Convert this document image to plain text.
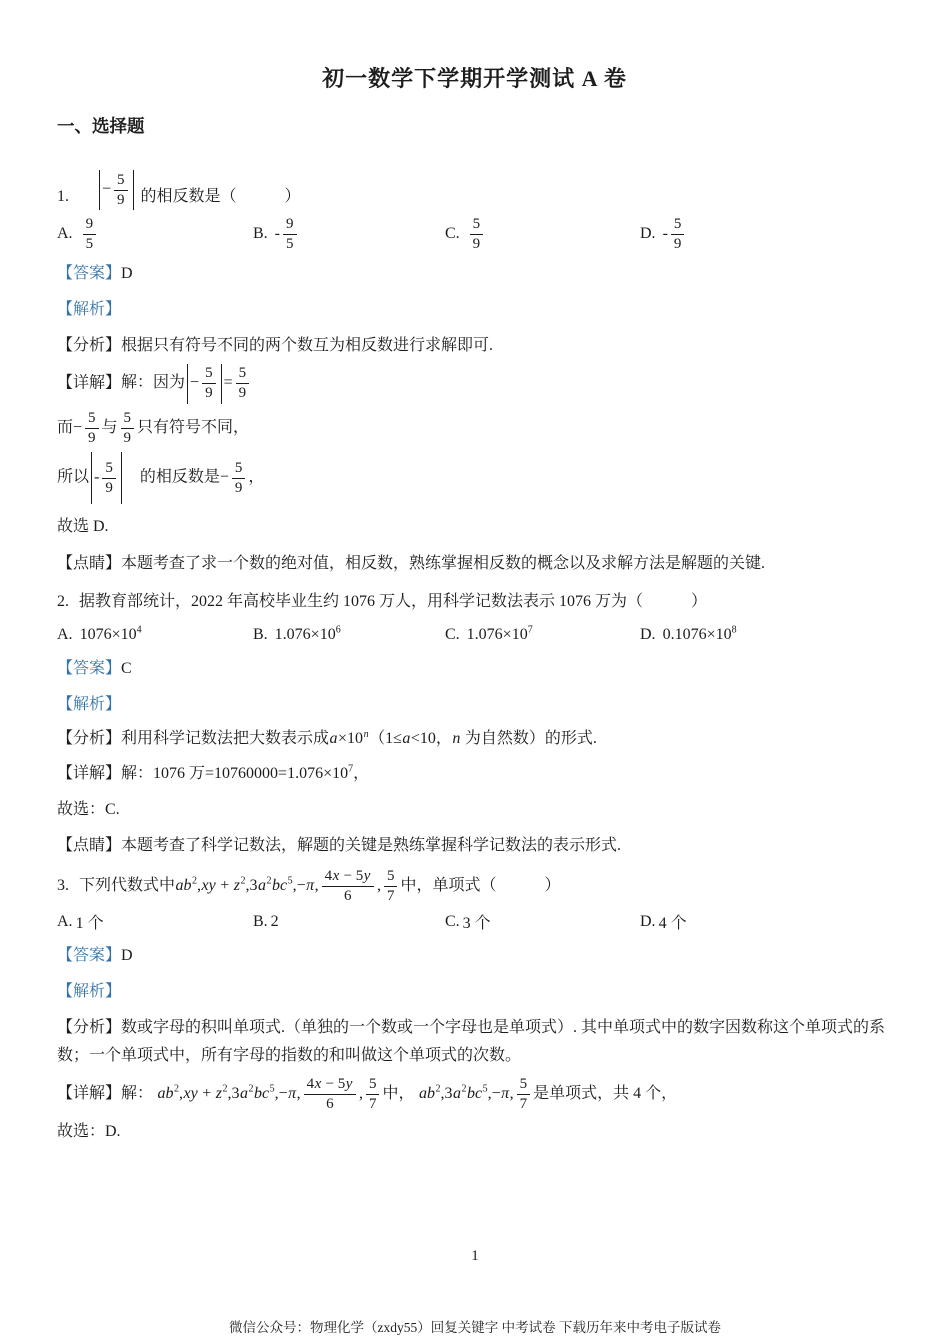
初一数学下学期开学测试 A 卷
一、选择题
1.	− $\frac{5}{9}$ 的相反数是（　　　）
A. $\frac{9}{5}$	B. - $\frac{9}{5}$	C. $\frac{5}{9}$	D. - $\frac{5}{9}$
【答案】D
【解析】
【分析】根据只有符号不同的两个数互为相反数进行求解即可.
【详解】解：因为 − $\frac{5}{9} = \frac{5}{9}$
而− $\frac{5}{9}$ 与 $\frac{5}{9}$ 只有符号不同，
所以 - $\frac{5}{9}$ 　的相反数是− $\frac{5}{9}$ ，
故选 D.
【点睛】本题考查了求一个数的绝对值，相反数，熟练掌握相反数的概念以及求解方法是解题的关键.
2. 据教育部统计，2022 年高校毕业生约 1076 万人，用科学记数法表示 1076 万为（　　　）
A. $1076\times 10^4$	B. $1.076\times 10^6$	C. $1.076\times 10^7$	D. $0.1076\times 10^8$
【答案】C
【解析】
【分析】利用科学记数法把大数表示成$a\times 10^n(1\le a<10$，n 为自然数）的形式.
【详解】解：1076 万$=10760000=1.076\times 10^7$，
故选：C.
【点睛】本题考查了科学记数法，解题的关键是熟练掌握科学记数法的表示形式.
3. 下列代数式中$ab^2,xy + z^2,3a^2bc^5,-\pi$, $\frac{4x - 5y}{6}$ , $\frac{5}{7}$ 中，单项式（　　　）
A. 1 个	B. 2	C. 3 个	D. 4 个
【答案】D
【解析】
【分析】数或字母的积叫单项式.（单独的一个数或一个字母也是单项式）. 其中单项式中的数字因数称这个单项式的系数；一个单项式中，所有字母的指数的和叫做这个单项式的次数。
【详解】解： $ab^2,xy + z^2,3a^2bc^5,-\pi$, $\frac{4x - 5y}{6}$ , $\frac{5}{7}$ 中， $ab^2,3a^2bc^5,-\pi$, $\frac{5}{7}$ 是单项式，共 4 个，
故选：D.
1
微信公众号：物理化学（zxdy55）回复关键字 中考试卷 下载历年来中考电子版试卷
